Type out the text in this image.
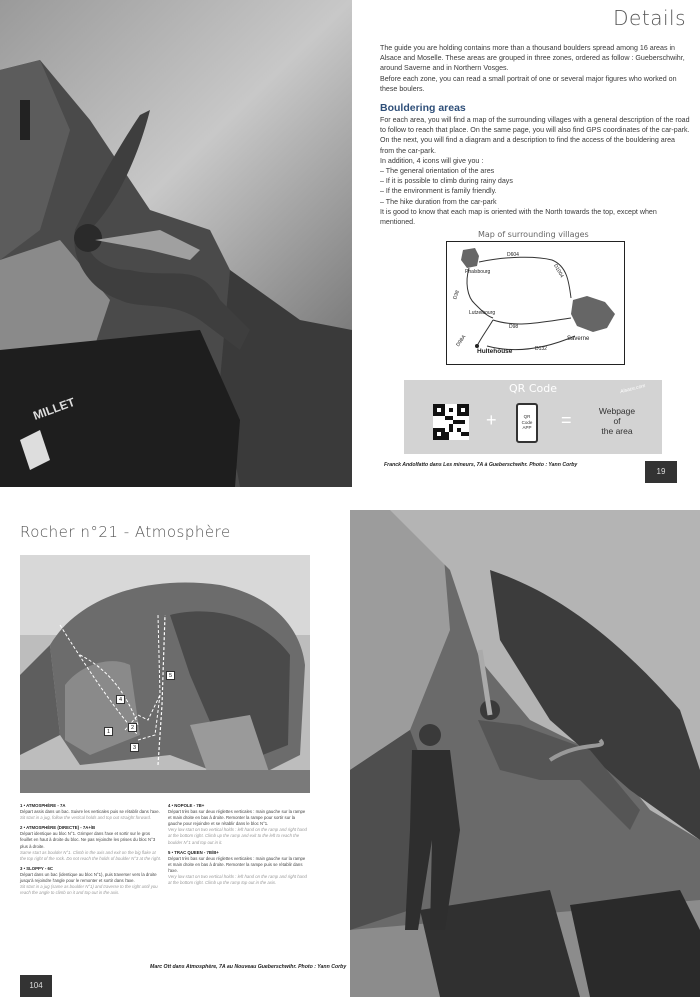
MILLET
Details

The guide you are holding contains more than a thousand boulders spread among 16 areas in Alsace and Moselle. These areas are grouped in three zones, ordered as follow : Gueberschwihr, around Saverne and in Northern Vosges.

Before each zone, you can read a small portrait of one or several major figures who worked on these boulers.

Bouldering areas

For each area, you will find a map of the surrounding villages with a general description of the road to follow to reach that place. On the same page, you will also find GPS coordinates of the car-park. On the next, you will find a diagram and a description to find the access of the bouldering area from the car-park.

In addition, 4 icons will give you :

– The general orientation of the ares

– If it is possible to climb during rainy days

– If the environment is family friendly.

– The hike duration from the car-park

It is good to know that each map is oriented with the North towards the top, except when mentioned.

Map of surrounding villages
Phalsbourg
D604
D1004
D38
Lutzelbourg
D98
D98A
Hultehouse	D132
Saverne
QR Code	Alsace.com
+	QR
Code
APP =	Webpage
of
the area
Franck Andolfatto dans Les mineurs, 7A à Gueberschwihr. Photo : Yann Corby
19
Rocher n°21 - Atmosphère
1
2
3
4
5
1 • ATMOSPHÈRE - 7A
Départ assis dans un bac. Suivre les verticales puis se rétablir dans l'axe.
Sit start in a jug, follow the vertical holds and top out straight forward.
2 • ATMOSPHÈRE (DIRECTE) - 7A+/B
Départ identique au bloc N°1. Grimper dans l'axe et sortir sur le gros feuillet en haut à droite du bloc. Ne pas rejoindre les prises du bloc N°3 plus à droite.
Same start as boulder N°1. Climb in the axis and exit on the big flake at the top right of the rock. Do not reach the holds of boulder N°3 at the right.
3 • SLOPPY - 6C
Départ dans un bac (identique au bloc N°1), puis traverser vers la droite jusqu'à rejoindre l'angle pour le remonter et sortir dans l'axe.
Sit start in a jug (same as boulder N°1) and traverse to the right until you reach the angle to climb on it and top out in the axis.
4 • NOPOLE - 7B+
Départ très bas sur deux réglettes verticales : main gauche sur la rampe et main droite en bas à droite. Remonter la rampe pour sortir sur la gauche pour rejoindre et se rétablir dans le bloc N°1.
Very low start on two vertical holds : left hand on the ramp and right hand at the bottom right. Climb up the ramp and exit to the left to reach the boulder N°1 and top out in it.
5 • TRAC QUEEN - 7B/B+
Départ très bas sur deux réglettes verticales : main gauche sur la rampe et main droite en bas à droite. Remonter la rampe puis se rétablir dans l'axe.
Very low start on two vertical holds : left hand on the ramp and right hand at the bottom right. Climb up the ramp top out in the axis.
Marc Ott dans Atmosphère, 7A au Nouveau Gueberschwihr. Photo : Yann Corby
104
